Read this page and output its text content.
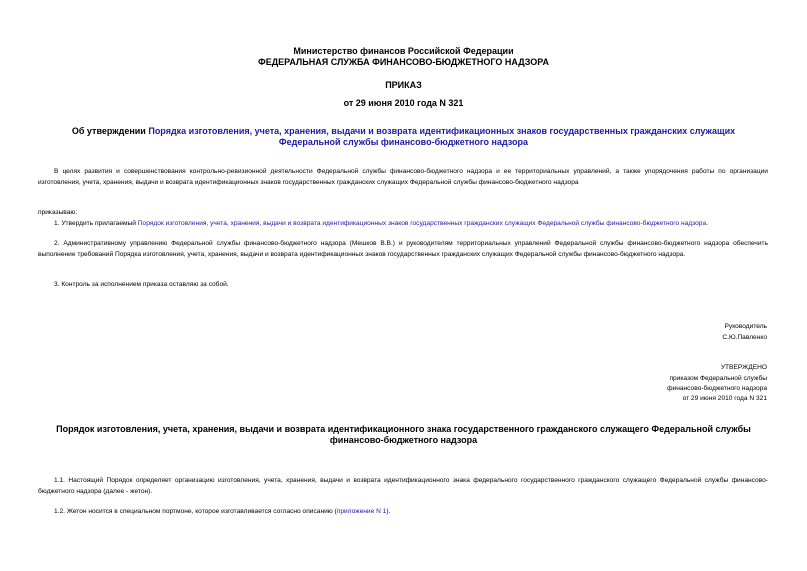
Министерство финансов Российской Федерации
ФЕДЕРАЛЬНАЯ СЛУЖБА ФИНАНСОВО-БЮДЖЕТНОГО НАДЗОРА
ПРИКАЗ
от 29 июня 2010 года N 321
Об утверждении Порядка изготовления, учета, хранения, выдачи и возврата идентификационных знаков государственных гражданских служащих Федеральной службы финансово-бюджетного надзора
В целях развития и совершенствования контрольно-ревизионной деятельности Федеральной службы финансово-бюджетного надзора и ее территориальных управлений, а также упорядочения работы по организации изготовления, учета, хранения, выдачи и возврата идентификационных знаков государственных гражданских служащих Федеральной службы финансово-бюджетного надзора
приказываю:
1. Утвердить прилагаемый Порядок изготовления, учета, хранения, выдачи и возврата идентификационных знаков государственных гражданских служащих Федеральной службы финансово-бюджетного надзора.
2. Административному управлению Федеральной службы финансово-бюджетного надзора (Мешков В.В.) и руководителям территориальных управлений Федеральной службы финансово-бюджетного надзора обеспечить выполнение требований Порядка изготовления, учета, хранения, выдачи и возврата идентификационных знаков государственных гражданских служащих Федеральной службы финансово-бюджетного надзора.
3. Контроль за исполнением приказа оставляю за собой.
Руководитель
С.Ю.Павленко
УТВЕРЖДЕНО
приказом Федеральной службы
финансово-бюджетного надзора
от 29 июня 2010 года N 321
Порядок изготовления, учета, хранения, выдачи и возврата идентификационного знака государственного гражданского служащего Федеральной службы финансово-бюджетного надзора
1.1. Настоящий Порядок определяет организацию изготовления, учета, хранения, выдачи и возврата идентификационного знака федерального государственного гражданского служащего Федеральной службы финансово-бюджетного надзора (далее - жетон).
1.2. Жетон носится в специальном портмоне, которое изготавливается согласно описанию (приложение N 1).
